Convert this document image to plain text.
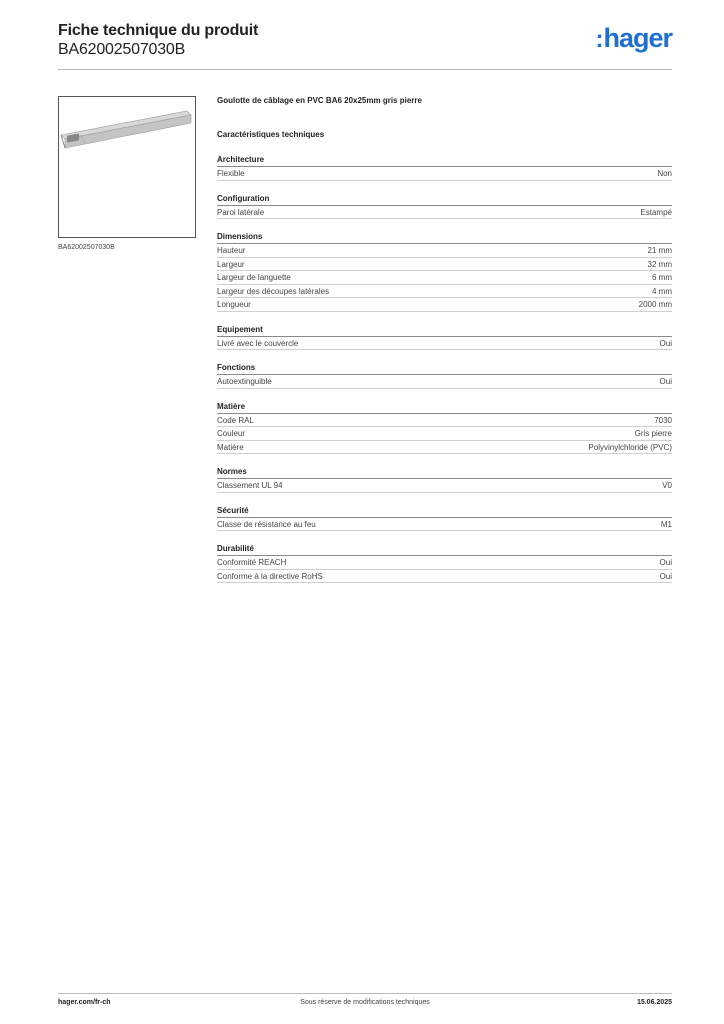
Fiche technique du produit
BA62002507030B	:hager
BA62002507030B
Goulotte de câblage en PVC BA6 20x25mm gris pierre
Caractéristiques techniques
Architecture
Flexible	Non
Configuration
Paroi latérale	Estampé
Dimensions
Hauteur	21 mm
Largeur	32 mm
Largeur de languette	6 mm
Largeur des découpes latérales	4 mm
Longueur	2000 mm
Equipement
Livré avec le couvercle	Oui
Fonctions
Autoextinguible	Oui
Matière
Code RAL	7030
Couleur	Gris pierre
Matière	Polyvinylchloride (PVC)
Normes
Classement UL 94	V0
Sécurité
Classe de résistance au feu	M1
Durabilité
Conformité REACH	Oui
Conforme à la directive RoHS	Oui
hager.com/fr-ch	Sous réserve de modifications techniques	15.06.2025
